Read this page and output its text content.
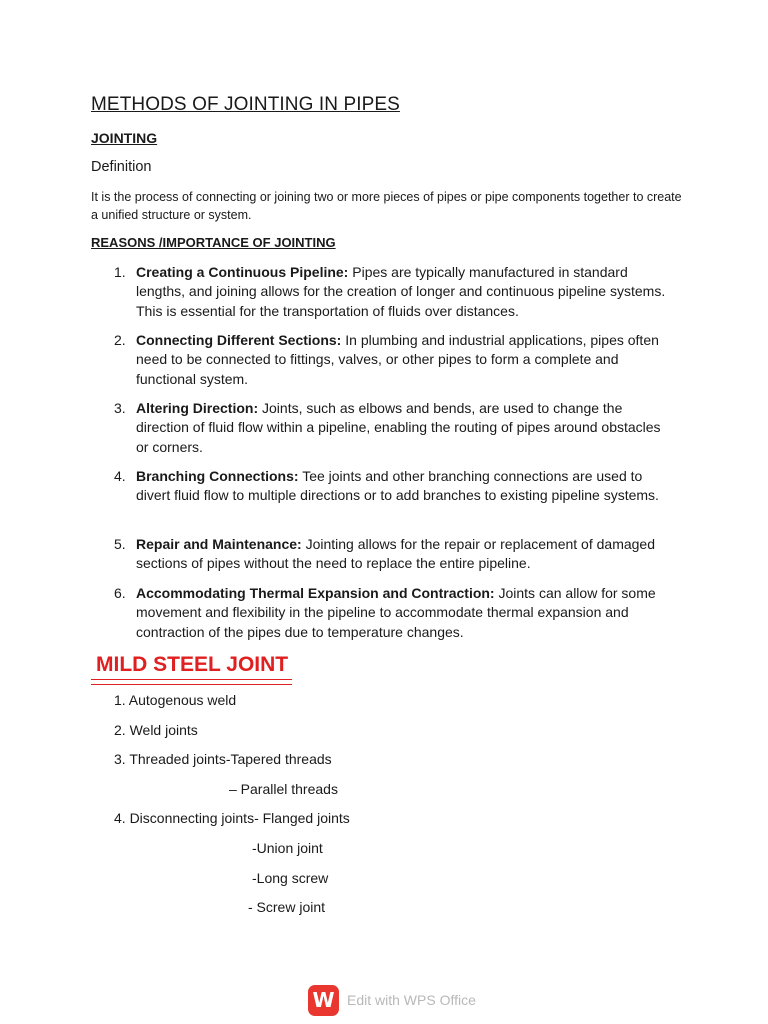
METHODS OF JOINTING IN PIPES
JOINTING
Definition
It is the process of connecting or joining two or more pieces of pipes or pipe components together to create a unified structure or system.
REASONS /IMPORTANCE OF JOINTING
1. Creating a Continuous Pipeline: Pipes are typically manufactured in standard lengths, and joining allows for the creation of longer and continuous pipeline systems. This is essential for the transportation of fluids over distances.
2. Connecting Different Sections: In plumbing and industrial applications, pipes often need to be connected to fittings, valves, or other pipes to form a complete and functional system.
3. Altering Direction: Joints, such as elbows and bends, are used to change the direction of fluid flow within a pipeline, enabling the routing of pipes around obstacles or corners.
4. Branching Connections: Tee joints and other branching connections are used to divert fluid flow to multiple directions or to add branches to existing pipeline systems.
5. Repair and Maintenance: Jointing allows for the repair or replacement of damaged sections of pipes without the need to replace the entire pipeline.
6. Accommodating Thermal Expansion and Contraction: Joints can allow for some movement and flexibility in the pipeline to accommodate thermal expansion and contraction of the pipes due to temperature changes.
MILD STEEL JOINT
1. Autogenous weld
2. Weld joints
3. Threaded joints-Tapered threads
– Parallel threads
4. Disconnecting joints- Flanged joints
-Union joint
-Long screw
- Screw joint
W Edit with WPS Office
